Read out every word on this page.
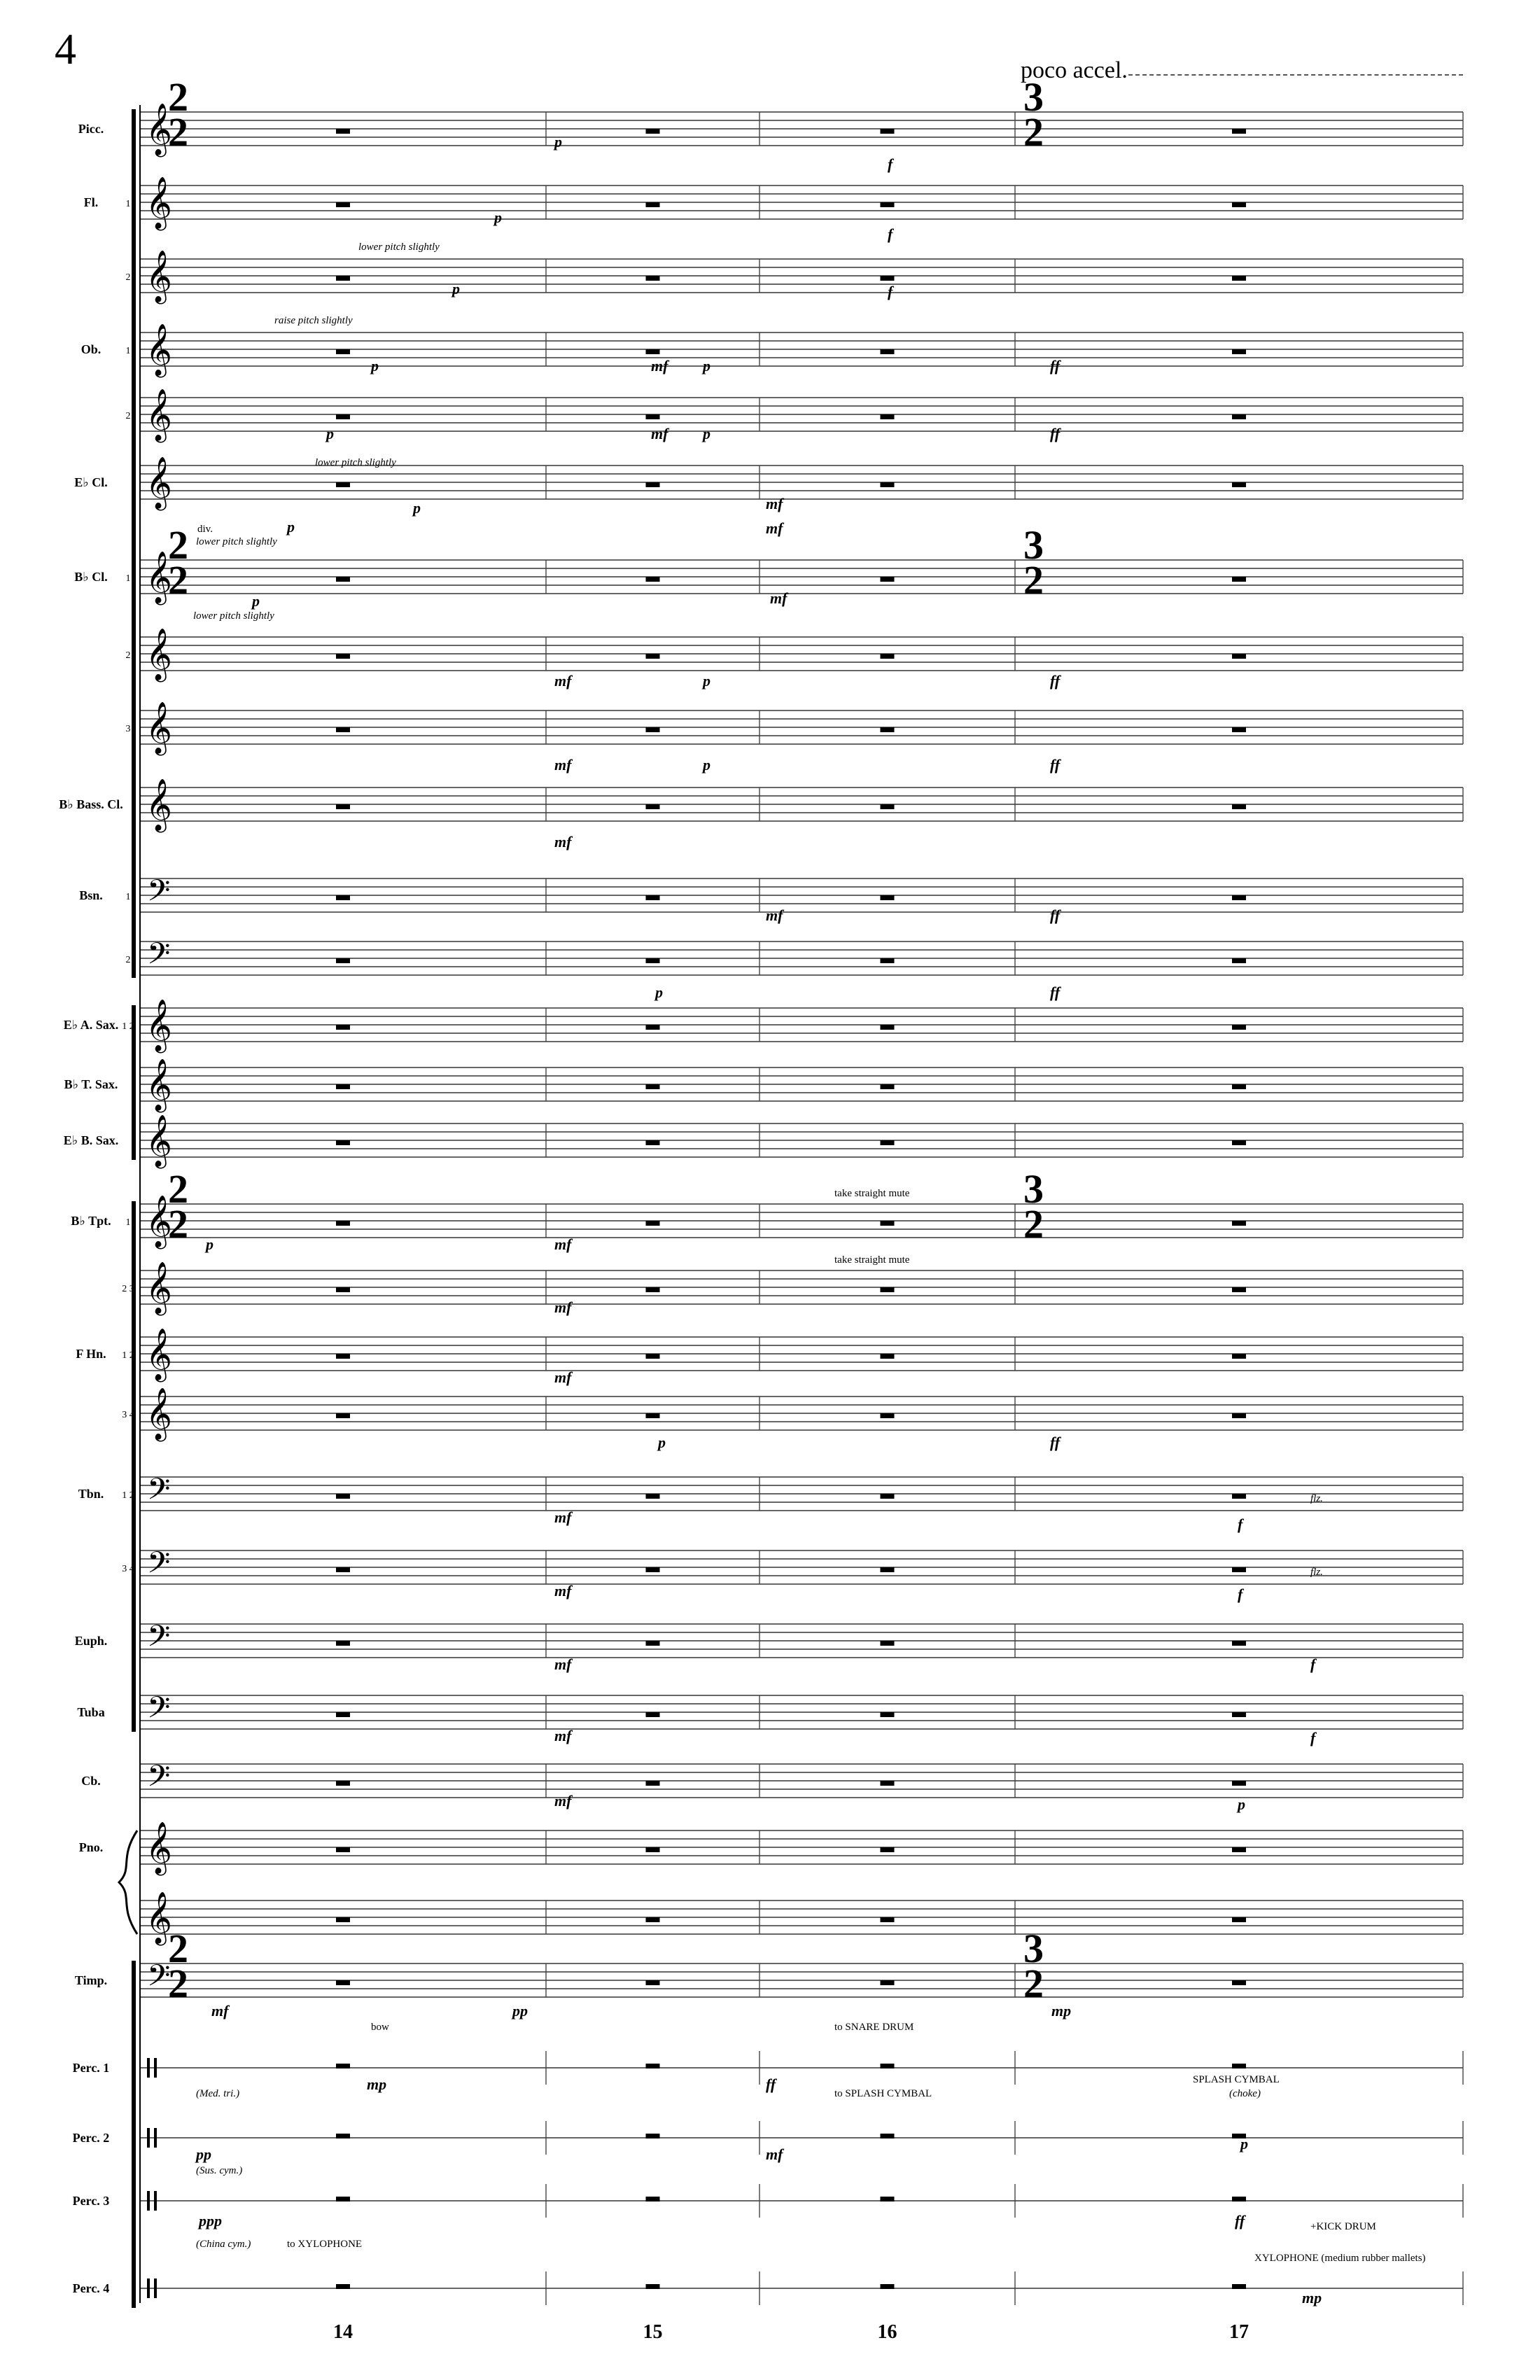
𝄞
𝄞
𝄞
𝄞
𝄞
𝄞
𝄞
𝄞
𝄞
𝄞
𝄢
𝄢
𝄞
𝄞
𝄞
𝄞
𝄞
𝄞
𝄞
𝄢
𝄢
𝄢
𝄢
𝄢
𝄞
𝄞
𝄢
Picc.
Fl.	1
2
Ob.	1
2
E♭ Cl.
B♭ Cl. 1
2
3
B♭ Bass. Cl.
Bsn. 1
2
E♭ A. Sax. 1 2
B♭ T. Sax.
E♭ B. Sax.
B♭ Tpt. 1
2 3
F Hn. 1 2
3 4
Tbn. 1 2
3 4
Euph.
Tuba
Cb.
Pno.
Timp.
Perc. 1
Perc. 2
Perc. 3
Perc. 4
raise pitch slightly
lower pitch slightly
lower pitch slightly
div.
lower pitch slightly
lower pitch slightly
take straight mute
take straight mute
bow	to SNARE DRUM
(Med. tri.)	to SPLASH CYMBAL
SPLASH CYMBAL
(choke)
(Sus. cym.)
+KICK DRUM
(China cym.)	to XYLOPHONE
XYLOPHONE (medium rubber mallets)
flz.
flz.
p
f
p
f
p	f
p	mf p	ff
p	mf p	ff
p	mf
p	mf
p	mf
mf	p	ff
mf	p	ff
mf
mf	ff
p	ff
p	mf
mf
mf
p	ff
mf	f
mf	f
mf	f
mf	f
mf	p
mf	pp	mp
mp	ff
pp	mf
p
ppp	ff
mp
14	15	16	17
2
2
2
2
2
2
2
2
3
2
3
2
3
2
3
2
4	poco accel.
